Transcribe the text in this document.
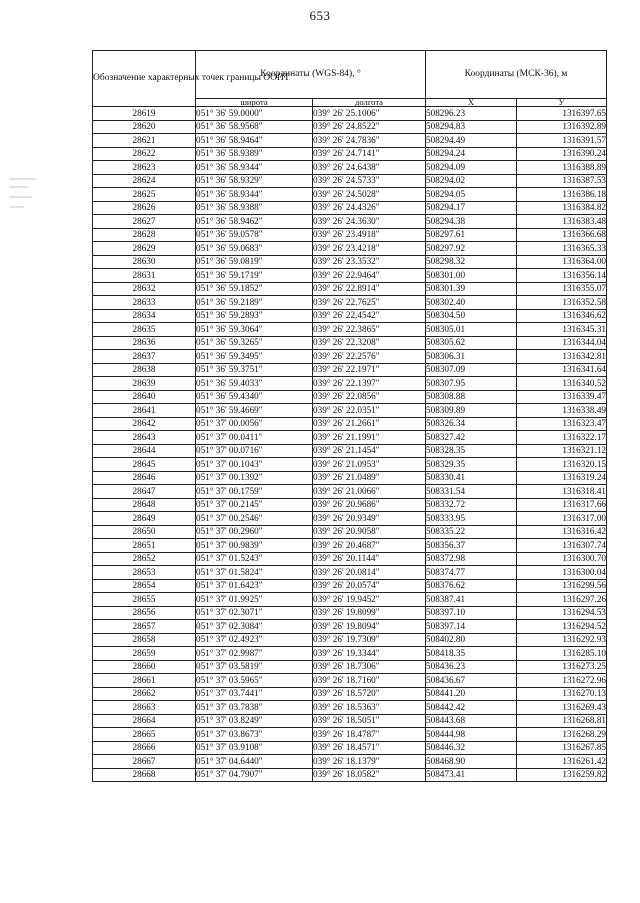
653
Обозначение характерных точек границы ООПТ	Координаты (WGS-84), °		Координаты (МСК-36), м	
	широта	долгота	X	У
28619	051° 36' 59.0000"	039° 26' 25.1006"	508296.23	1316397.65
28620	051° 36' 58.9568"	039° 26' 24.8522"	508294.83	1316392.89
28621	051° 36' 58.9464"	039° 26' 24.7836"	508294.49	1316391.57
28622	051° 36' 58.9389"	039° 26' 24.7141"	508294.24	1316390.24
28623	051° 36' 58.9344"	039° 26' 24.6438"	508294.09	1316388.89
28624	051° 36' 58.9329"	039° 26' 24.5733"	508294.02	1316387.53
28625	051° 36' 58.9344"	039° 26' 24.5028"	508294.05	1316386.18
28626	051° 36' 58.9388"	039° 26' 24.4326"	508294.17	1316384.82
28627	051° 36' 58.9462"	039° 26' 24.3630"	508294.38	1316383.48
28628	051° 36' 59.0578"	039° 26' 23.4918"	508297.61	1316366.68
28629	051° 36' 59.0683"	039° 26' 23.4218"	508297.92	1316365.33
28630	051° 36' 59.0819"	039° 26' 23.3532"	508298.32	1316364.00
28631	051° 36' 59.1719"	039° 26' 22.9464"	508301.00	1316356.14
28632	051° 36' 59.1852"	039° 26' 22.8914"	508301.39	1316355.07
28633	051° 36' 59.2189"	039° 26' 22.7625"	508302.40	1316352.58
28634	051° 36' 59.2893"	039° 26' 22.4542"	508304.50	1316346.62
28635	051° 36' 59.3064"	039° 26' 22.3865"	508305.01	1316345.31
28636	051° 36' 59.3265"	039° 26' 22.3208"	508305.62	1316344.04
28637	051° 36' 59.3495"	039° 26' 22.2576"	508306.31	1316342.81
28638	051° 36' 59.3751"	039° 26' 22.1971"	508307.09	1316341.64
28639	051° 36' 59.4033"	039° 26' 22.1397"	508307.95	1316340.52
28640	051° 36' 59.4340"	039° 26' 22.0856"	508308.88	1316339.47
28641	051° 36' 59.4669"	039° 26' 22.0351"	508309.89	1316338.49
28642	051° 37' 00.0056"	039° 26' 21.2661"	508326.34	1316323.47
28643	051° 37' 00.0411"	039° 26' 21.1991"	508327.42	1316322.17
28644	051° 37' 00.0716"	039° 26' 21.1454"	508328.35	1316321.12
28645	051° 37' 00.1043"	039° 26' 21.0953"	508329.35	1316320.15
28646	051° 37' 00.1392"	039° 26' 21.0489"	508330.41	1316319.24
28647	051° 37' 00.1759"	039° 26' 21.0066"	508331.54	1316318.41
28648	051° 37' 00.2145"	039° 26' 20.9686"	508332.72	1316317.66
28649	051° 37' 00.2546"	039° 26' 20.9349"	508333.95	1316317.00
28650	051° 37' 00.2960"	039° 26' 20.9058"	508335.22	1316316.42
28651	051° 37' 00.9839"	039° 26' 20.4687"	508356.37	1316307.74
28652	051° 37' 01.5243"	039° 26' 20.1144"	508372.98	1316300.70
28653	051° 37' 01.5824"	039° 26' 20.0814"	508374.77	1316300.04
28654	051° 37' 01.6423"	039° 26' 20.0574"	508376.62	1316299.56
28655	051° 37' 01.9925"	039° 26' 19.9452"	508387.41	1316297.26
28656	051° 37' 02.3071"	039° 26' 19.8099"	508397.10	1316294.53
28657	051° 37' 02.3084"	039° 26' 19.8094"	508397.14	1316294.52
28658	051° 37' 02.4923"	039° 26' 19.7309"	508402.80	1316292.93
28659	051° 37' 02.9987"	039° 26' 19.3344"	508418.35	1316285.10
28660	051° 37' 03.5819"	039° 26' 18.7306"	508436.23	1316273.25
28661	051° 37' 03.5965"	039° 26' 18.7160"	508436.67	1316272.96
28662	051° 37' 03.7441"	039° 26' 18.5720"	508441.20	1316270.13
28663	051° 37' 03.7838"	039° 26' 18.5363"	508442.42	1316269.43
28664	051° 37' 03.8249"	039° 26' 18.5051"	508443.68	1316268.81
28665	051° 37' 03.8673"	039° 26' 18.4787"	508444.98	1316268.29
28666	051° 37' 03.9108"	039° 26' 18.4571"	508446.32	1316267.85
28667	051° 37' 04.6440"	039° 26' 18.1379"	508468.90	1316261.42
28668	051° 37' 04.7907"	039° 26' 18.0582"	508473.41	1316259.82
